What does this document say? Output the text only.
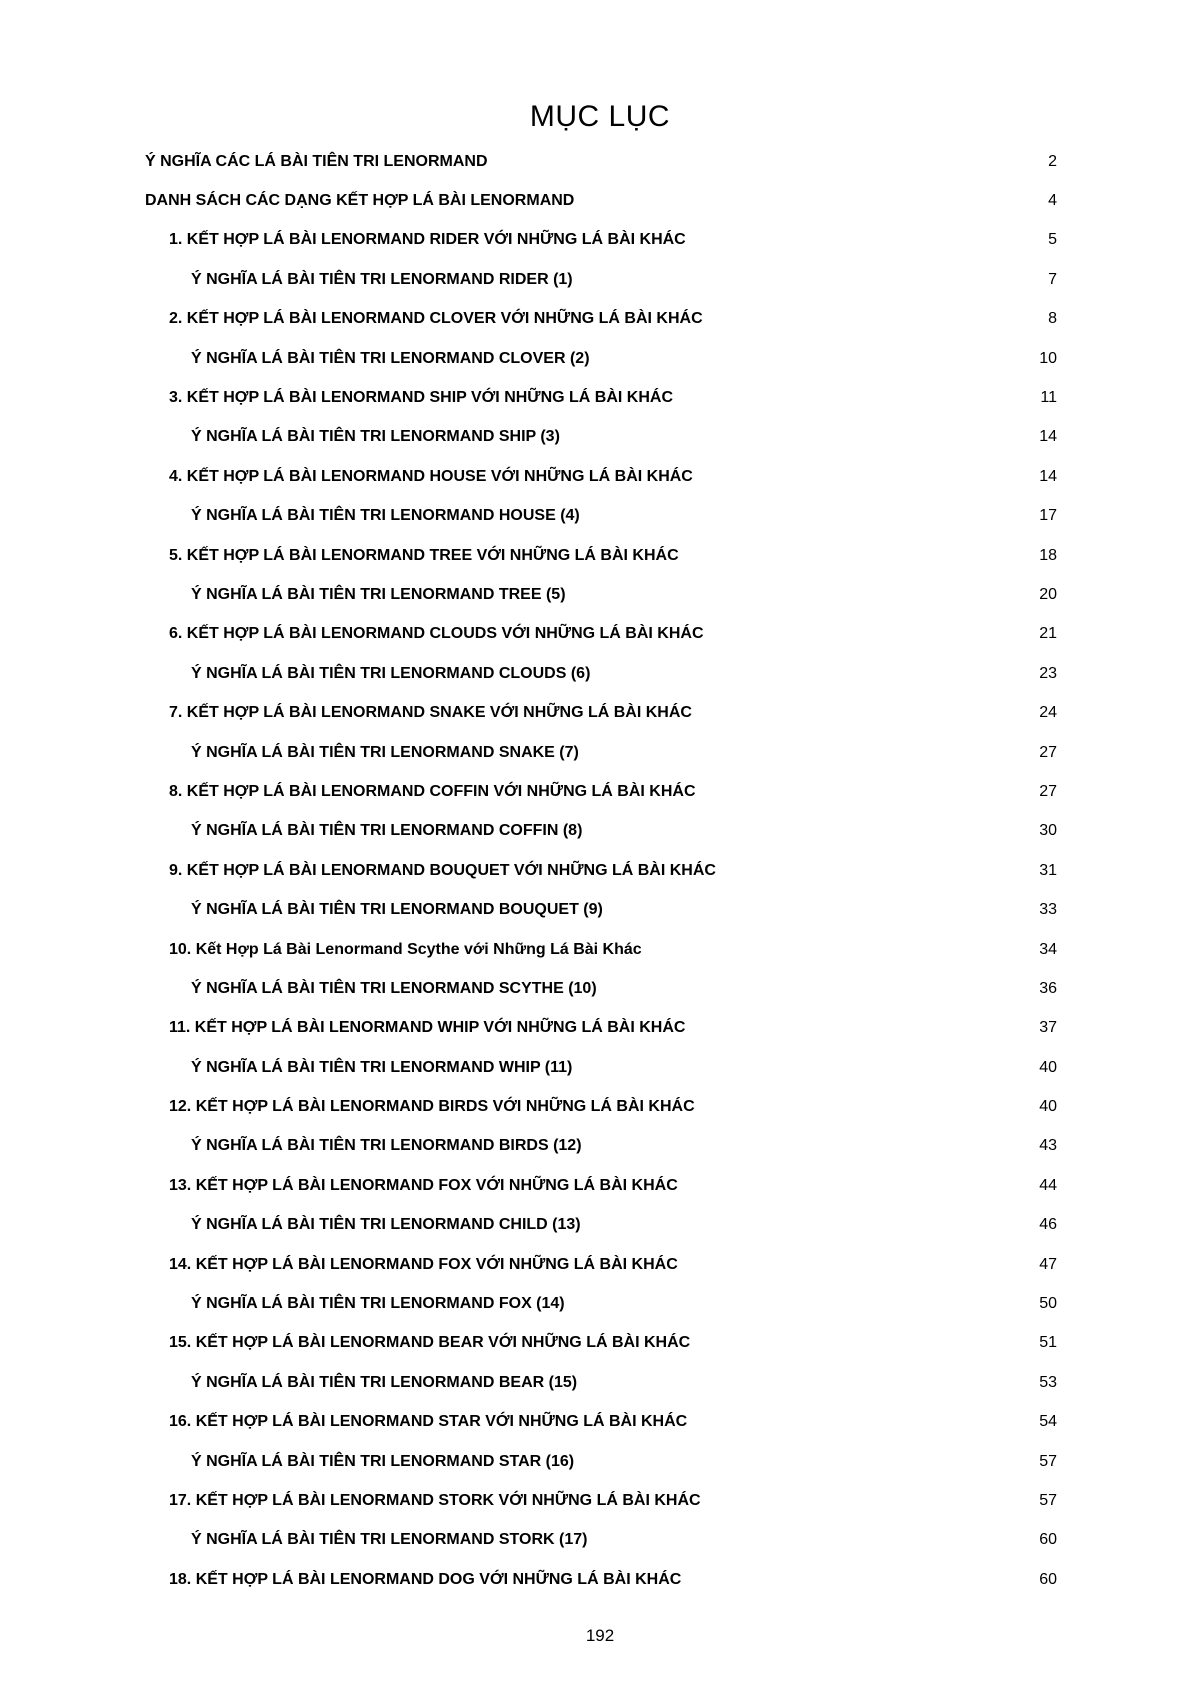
MỤC LỤC
Ý NGHĨA CÁC LÁ BÀI TIÊN TRI LENORMAND	2
DANH SÁCH CÁC DẠNG KẾT HỢP LÁ BÀI LENORMAND	4
1. KẾT HỢP LÁ BÀI LENORMAND RIDER VỚI NHỮNG LÁ BÀI KHÁC	5
Ý NGHĨA LÁ BÀI TIÊN TRI LENORMAND RIDER (1)	7
2. KẾT HỢP LÁ BÀI LENORMAND CLOVER VỚI NHỮNG LÁ BÀI KHÁC	8
Ý NGHĨA LÁ BÀI TIÊN TRI LENORMAND CLOVER (2)	10
3. KẾT HỢP LÁ BÀI LENORMAND SHIP VỚI NHỮNG LÁ BÀI KHÁC	11
Ý NGHĨA LÁ BÀI TIÊN TRI LENORMAND SHIP (3)	14
4. KẾT HỢP LÁ BÀI LENORMAND HOUSE VỚI NHỮNG LÁ BÀI KHÁC	14
Ý NGHĨA LÁ BÀI TIÊN TRI LENORMAND HOUSE (4)	17
5. KẾT HỢP LÁ BÀI LENORMAND TREE VỚI NHỮNG LÁ BÀI KHÁC	18
Ý NGHĨA LÁ BÀI TIÊN TRI LENORMAND TREE (5)	20
6. KẾT HỢP LÁ BÀI LENORMAND CLOUDS VỚI NHỮNG LÁ BÀI KHÁC	21
Ý NGHĨA LÁ BÀI TIÊN TRI LENORMAND CLOUDS (6)	23
7. KẾT HỢP LÁ BÀI LENORMAND SNAKE VỚI NHỮNG LÁ BÀI KHÁC	24
Ý NGHĨA LÁ BÀI TIÊN TRI LENORMAND SNAKE (7)	27
8. KẾT HỢP LÁ BÀI LENORMAND COFFIN VỚI NHỮNG LÁ BÀI KHÁC	27
Ý NGHĨA LÁ BÀI TIÊN TRI LENORMAND COFFIN (8)	30
9. KẾT HỢP LÁ BÀI LENORMAND BOUQUET VỚI NHỮNG LÁ BÀI KHÁC	31
Ý NGHĨA LÁ BÀI TIÊN TRI LENORMAND BOUQUET (9)	33
10. Kết Hợp Lá Bài Lenormand Scythe với Những Lá Bài Khác	34
Ý NGHĨA LÁ BÀI TIÊN TRI LENORMAND SCYTHE (10)	36
11. KẾT HỢP LÁ BÀI LENORMAND WHIP VỚI NHỮNG LÁ BÀI KHÁC	37
Ý NGHĨA LÁ BÀI TIÊN TRI LENORMAND WHIP (11)	40
12. KẾT HỢP LÁ BÀI LENORMAND BIRDS VỚI NHỮNG LÁ BÀI KHÁC	40
Ý NGHĨA LÁ BÀI TIÊN TRI LENORMAND BIRDS (12)	43
13. KẾT HỢP LÁ BÀI LENORMAND FOX VỚI NHỮNG LÁ BÀI KHÁC	44
Ý NGHĨA LÁ BÀI TIÊN TRI LENORMAND CHILD (13)	46
14. KẾT HỢP LÁ BÀI LENORMAND FOX VỚI NHỮNG LÁ BÀI KHÁC	47
Ý NGHĨA LÁ BÀI TIÊN TRI LENORMAND FOX (14)	50
15. KẾT HỢP LÁ BÀI LENORMAND BEAR VỚI NHỮNG LÁ BÀI KHÁC	51
Ý NGHĨA LÁ BÀI TIÊN TRI LENORMAND BEAR (15)	53
16. KẾT HỢP LÁ BÀI LENORMAND STAR VỚI NHỮNG LÁ BÀI KHÁC	54
Ý NGHĨA LÁ BÀI TIÊN TRI LENORMAND STAR (16)	57
17. KẾT HỢP LÁ BÀI LENORMAND STORK VỚI NHỮNG LÁ BÀI KHÁC	57
Ý NGHĨA LÁ BÀI TIÊN TRI LENORMAND STORK (17)	60
18. KẾT HỢP LÁ BÀI LENORMAND DOG VỚI NHỮNG LÁ BÀI KHÁC	60
192
